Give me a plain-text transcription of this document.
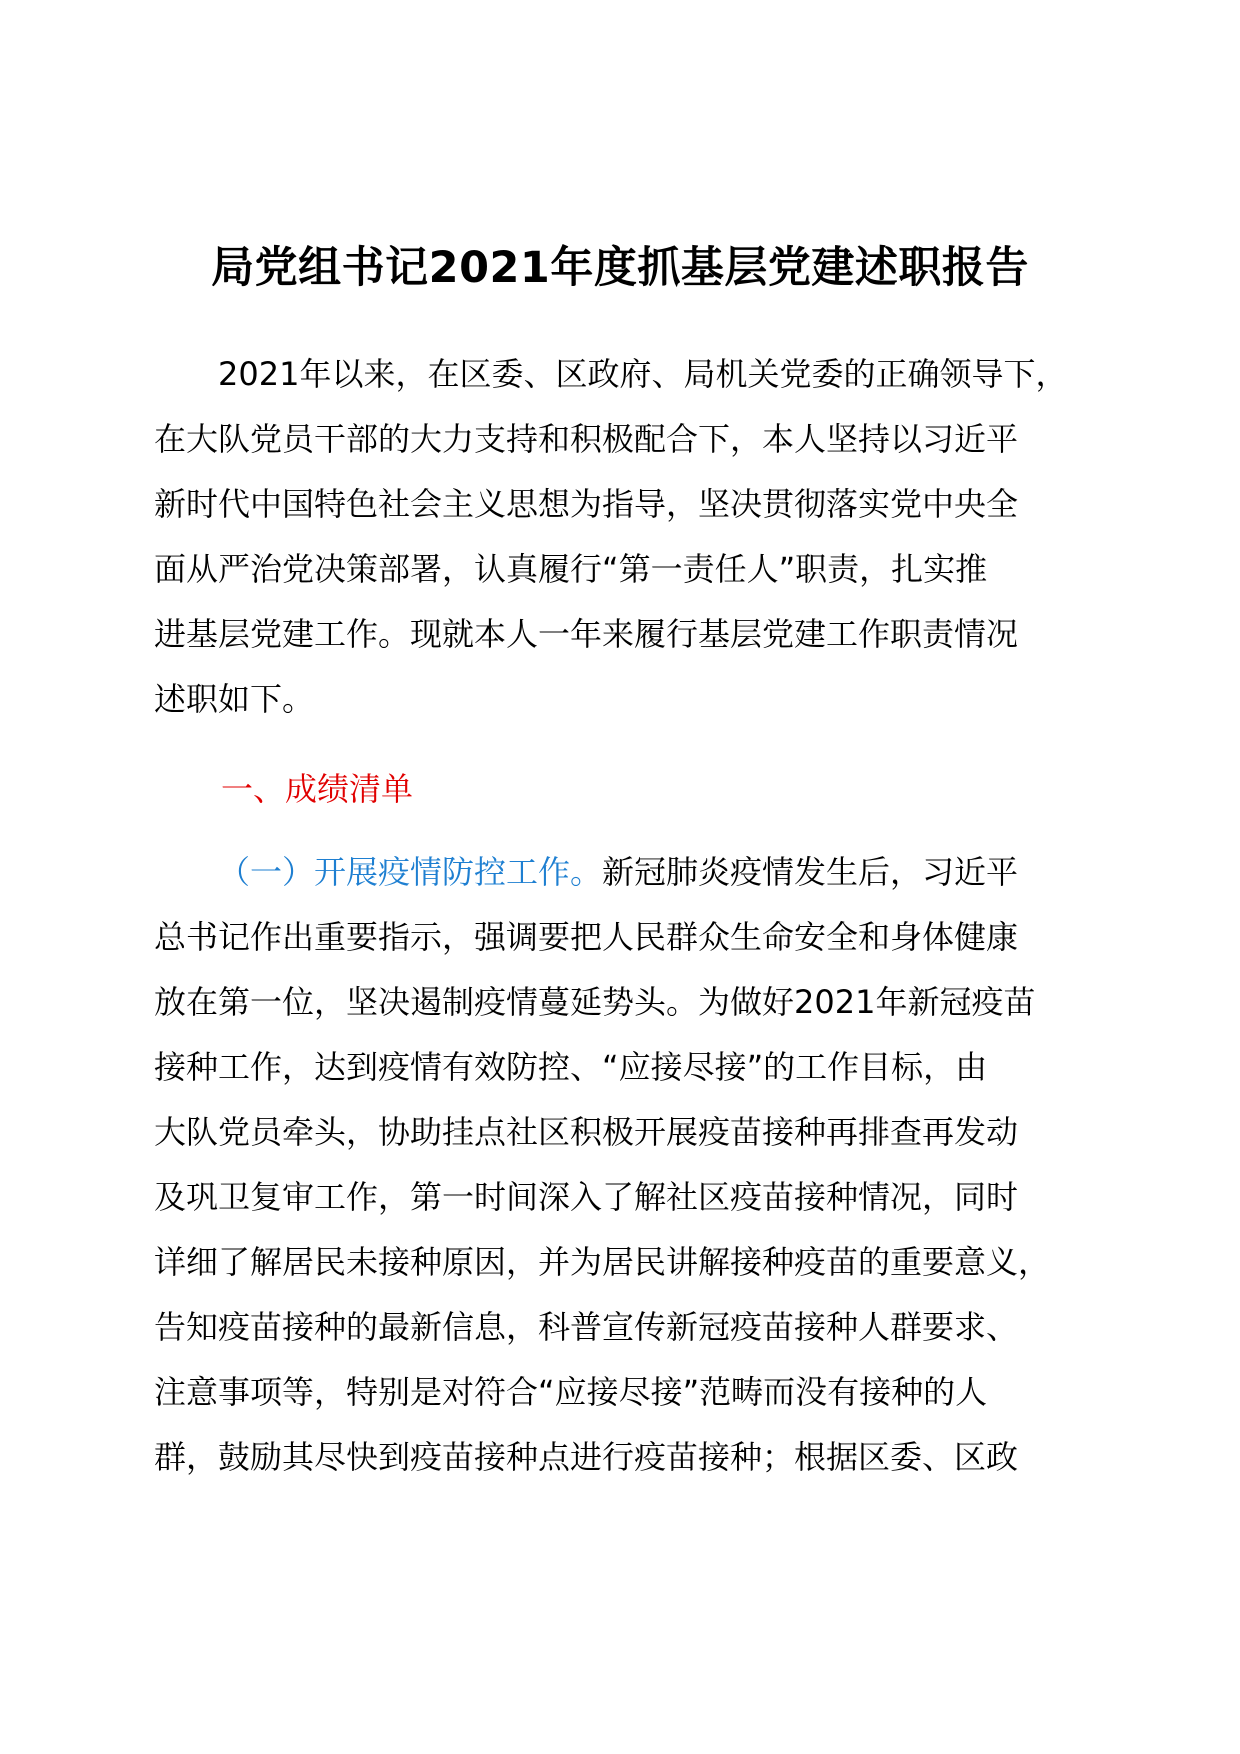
局党组书记2021年度抓基层党建述职报告
2021年以来，在区委、区政府、局机关党委的正确领导下，
在大队党员干部的大力支持和积极配合下，本人坚持以习近平
新时代中国特色社会主义思想为指导，坚决贯彻落实党中央全
面从严治党决策部署，认真履行“第一责任人”职责，扎实推
进基层党建工作。现就本人一年来履行基层党建工作职责情况
述职如下。
一、成绩清单
（一）开展疫情防控工作。新冠肺炎疫情发生后，习近平
总书记作出重要指示，强调要把人民群众生命安全和身体健康
放在第一位，坚决遏制疫情蔓延势头。为做好2021年新冠疫苗
接种工作，达到疫情有效防控、“应接尽接”的工作目标，由
大队党员牵头，协助挂点社区积极开展疫苗接种再排查再发动
及巩卫复审工作，第一时间深入了解社区疫苗接种情况，同时
详细了解居民未接种原因，并为居民讲解接种疫苗的重要意义，
告知疫苗接种的最新信息，科普宣传新冠疫苗接种人群要求、
注意事项等，特别是对符合“应接尽接”范畴而没有接种的人
群，鼓励其尽快到疫苗接种点进行疫苗接种；根据区委、区政
